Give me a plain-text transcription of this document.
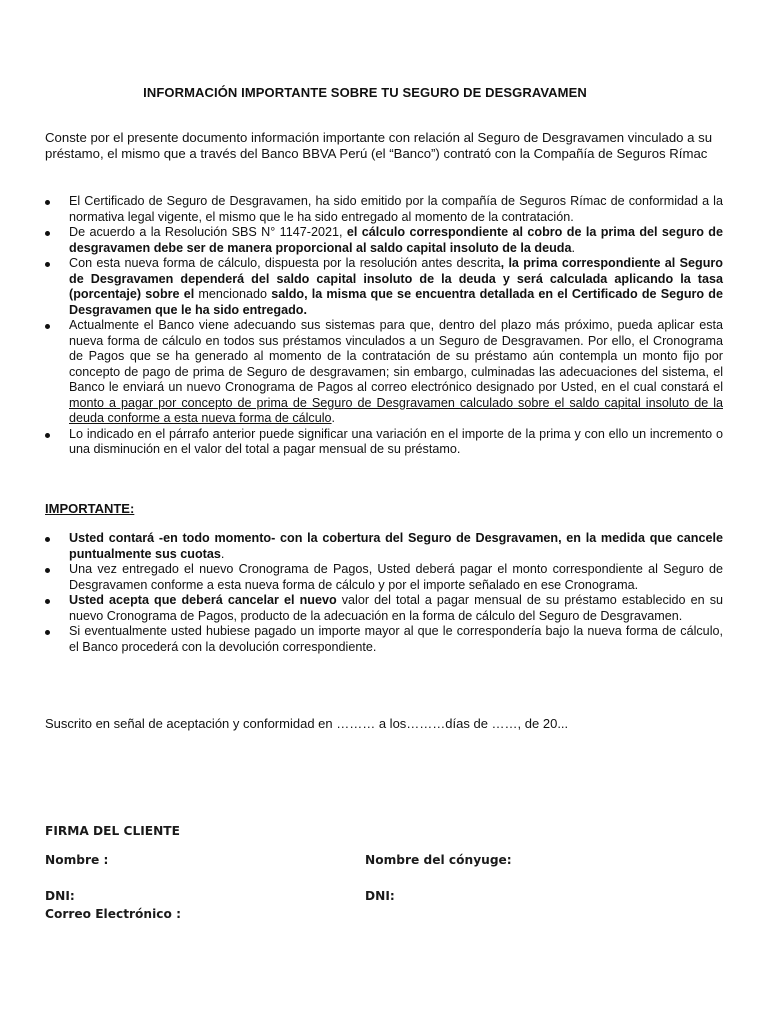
INFORMACIÓN IMPORTANTE SOBRE TU SEGURO DE DESGRAVAMEN
Conste por el presente documento información importante con relación al Seguro de Desgravamen vinculado a su préstamo, el mismo que a través del Banco BBVA Perú (el “Banco”) contrató con la Compañía de Seguros Rímac
El Certificado de Seguro de Desgravamen, ha sido emitido por la compañía de Seguros Rímac de conformidad a la normativa legal vigente, el mismo que le ha sido entregado al momento de la contratación.
De acuerdo a la Resolución SBS N° 1147-2021, el cálculo correspondiente al cobro de la prima del seguro de desgravamen debe ser de manera proporcional al saldo capital insoluto de la deuda.
Con esta nueva forma de cálculo, dispuesta por la resolución antes descrita, la prima correspondiente al Seguro de Desgravamen dependerá del saldo capital insoluto de la deuda y será calculada aplicando la tasa (porcentaje) sobre el mencionado saldo, la misma que se encuentra detallada en el Certificado de Seguro de Desgravamen que le ha sido entregado.
Actualmente el Banco viene adecuando sus sistemas para que, dentro del plazo más próximo, pueda aplicar esta nueva forma de cálculo en todos sus préstamos vinculados a un Seguro de Desgravamen. Por ello, el Cronograma de Pagos que se ha generado al momento de la contratación de su préstamo aún contempla un monto fijo por concepto de pago de prima de Seguro de desgravamen; sin embargo, culminadas las adecuaciones del sistema, el Banco le enviará un nuevo Cronograma de Pagos al correo electrónico designado por Usted, en el cual constará el monto a pagar por concepto de prima de Seguro de Desgravamen calculado sobre el saldo capital insoluto de la deuda conforme a esta nueva forma de cálculo.
Lo indicado en el párrafo anterior puede significar una variación en el importe de la prima y con ello un incremento o una disminución en el valor del total a pagar mensual de su préstamo.
IMPORTANTE:
Usted contará -en todo momento- con la cobertura del Seguro de Desgravamen, en la medida que cancele puntualmente sus cuotas.
Una vez entregado el nuevo Cronograma de Pagos, Usted deberá pagar el monto correspondiente al Seguro de Desgravamen conforme a esta nueva forma de cálculo y por el importe señalado en ese Cronograma.
Usted acepta que deberá cancelar el nuevo valor del total a pagar mensual de su préstamo establecido en su nuevo Cronograma de Pagos, producto de la adecuación en la forma de cálculo del Seguro de Desgravamen.
Si eventualmente usted hubiese pagado un importe mayor al que le correspondería bajo la nueva forma de cálculo, el Banco procederá con la devolución correspondiente.
Suscrito en señal de aceptación y conformidad en ……… a los………días de ……, de 20...
FIRMA DEL CLIENTE
Nombre :	Nombre del cónyuge:
DNI:	DNI:
Correo Electrónico :
